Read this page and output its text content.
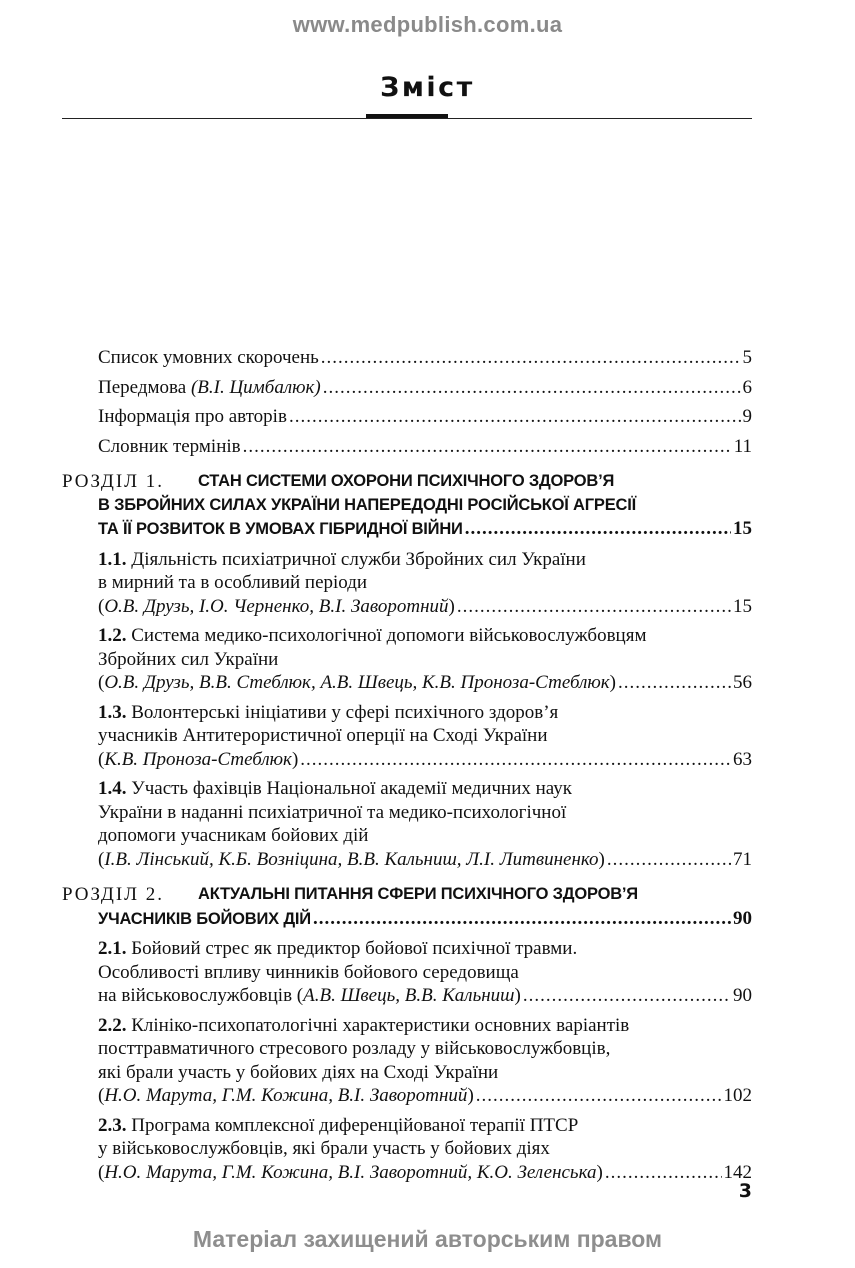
www.medpublish.com.ua
Зміст
Список умовних скорочень .....	5
Передмова (В.І. Цимбалюк) .....	6
Інформація про авторів .....	9
Словник термінів .....	11
РОЗДІЛ 1.	СТАН СИСТЕМИ ОХОРОНИ ПСИХІЧНОГО ЗДОРОВ’Я
В ЗБРОЙНИХ СИЛАХ УКРАЇНИ НАПЕРЕДОДНІ РОСІЙСЬКОЇ АГРЕСІЇ
ТА ЇЇ РОЗВИТОК В УМОВАХ ГІБРИДНОЇ ВІЙНИ .....	15
1.1. Діяльність психіатричної служби Збройних сил України
в мирний та в особливий періоди
(О.В. Друзь, І.О. Черненко, В.І. Заворотний) .....	15
1.2. Система медико-психологічної допомоги військовослужбовцям
Збройних сил України
(О.В. Друзь, В.В. Стеблюк, А.В. Швець, К.В. Проноза-Стеблюк) .....	56
1.3. Волонтерські ініціативи у сфері психічного здоров’я
учасників Антитерористичної оперції на Сході України
(К.В. Проноза-Стеблюк) .....	63
1.4. Участь фахівців Національної академії медичних наук
України в наданні психіатричної та медико-психологічної
допомоги учасникам бойових дій
(І.В. Лінський, К.Б. Возніцина, В.В. Кальниш, Л.І. Литвиненко) .....	71
РОЗДІЛ 2.	АКТУАЛЬНІ ПИТАННЯ СФЕРИ ПСИХІЧНОГО ЗДОРОВ’Я
УЧАСНИКІВ БОЙОВИХ ДІЙ .....	90
2.1. Бойовий стрес як предиктор бойової психічної травми.
Особливості впливу чинників бойового середовища
на військовослужбовців (А.В. Швець, В.В. Кальниш) .....	90
2.2. Клініко-психопатологічні характеристики основних варіантів
посттравматичного стресового розладу у військовослужбовців,
які брали участь у бойових діях на Сході України
(Н.О. Марута, Г.М. Кожина, В.І. Заворотний) .....	102
2.3. Програма комплексної диференційованої терапії ПТСР
у військовослужбовців, які брали участь у бойових діях
(Н.О. Марута, Г.М. Кожина, В.І. Заворотний, К.О. Зеленська) .....	142
3
Матеріал захищений авторським правом
